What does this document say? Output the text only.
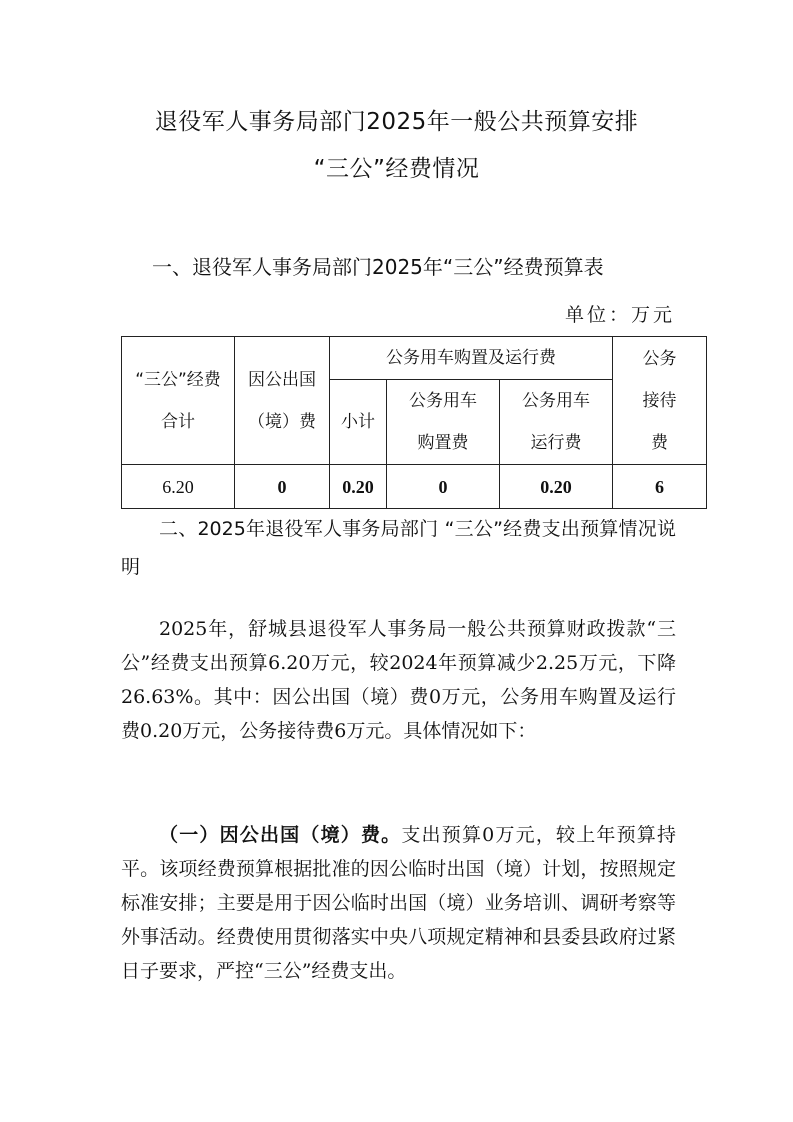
退役军人事务局部门2025年一般公共预算安排
“三公”经费情况
一、退役军人事务局部门2025年“三公”经费预算表
单位：万元
“三公”经费合计	因公出国（境）费	公务用车购置及运行费			公务接待费

		小计	公务用车购置费	公务用车运行费	

6.20	0	0.20	0	0.20	6
二、2025年退役军人事务局部门 “三公”经费支出预算情况说明
2025年，舒城县退役军人事务局一般公共预算财政拨款“三公”经费支出预算6.20万元，较2024年预算减少2.25万元，下降26.63%。其中：因公出国（境）费0万元，公务用车购置及运行费0.20万元，公务接待费6万元。具体情况如下：
（一）因公出国（境）费。支出预算0万元，较上年预算持平。该项经费预算根据批准的因公临时出国（境）计划，按照规定标准安排；主要是用于因公临时出国（境）业务培训、调研考察等外事活动。经费使用贯彻落实中央八项规定精神和县委县政府过紧日子要求，严控“三公”经费支出。
